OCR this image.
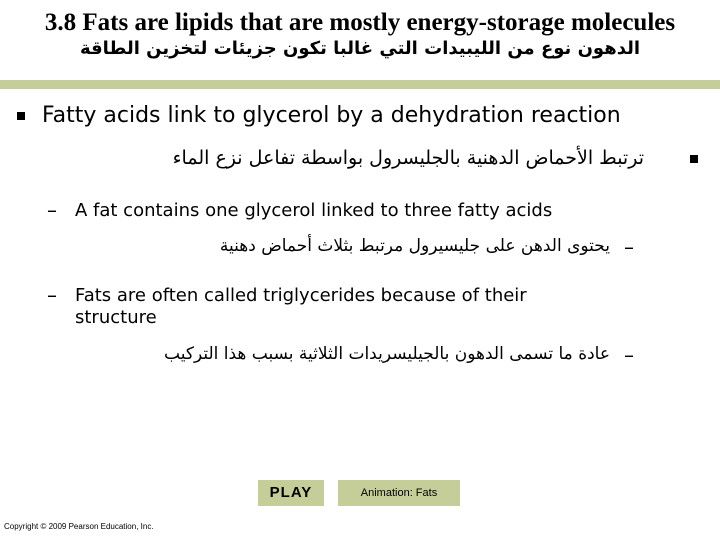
3.8 Fats are lipids that are mostly energy-storage molecules
الدهون نوع من الليبيدات التي غالبا تكون جزيئات لتخزين الطاقة
Fatty acids link to glycerol by a dehydration reaction
ترتبط الأحماض الدهنية بالجليسرول بواسطة تفاعل نزع الماء
– A fat contains one glycerol linked to three fatty acids
–
يحتوى الدهن على جليسيرول مرتبط بثلاث أحماض دهنية
– Fats are often called triglycerides because of their
structure
–
عادة ما تسمى الدهون بالجيليسريدات الثلاثية بسبب هذا التركيب
PLAY	Animation: Fats
Copyright © 2009 Pearson Education, Inc.
